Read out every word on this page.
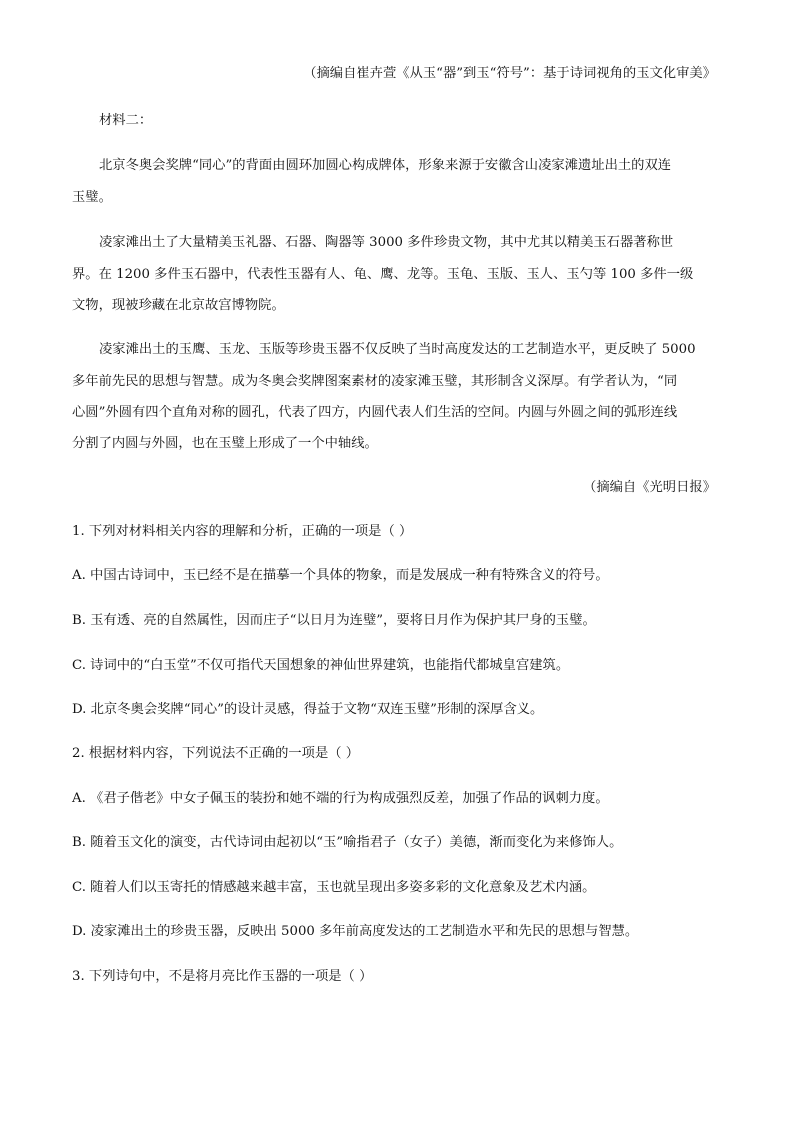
（摘编自崔卉萱《从玉“器”到玉“符号”：基于诗词视角的玉文化审美》
材料二：
北京冬奥会奖牌“同心”的背面由圆环加圆心构成牌体，形象来源于安徽含山凌家滩遗址出土的双连
玉璧。
凌家滩出土了大量精美玉礼器、石器、陶器等 3000 多件珍贵文物，其中尤其以精美玉石器著称世
界。在 1200 多件玉石器中，代表性玉器有人、龟、鹰、龙等。玉龟、玉版、玉人、玉勺等 100 多件一级
文物，现被珍藏在北京故宫博物院。
凌家滩出土的玉鹰、玉龙、玉版等珍贵玉器不仅反映了当时高度发达的工艺制造水平，更反映了 5000
多年前先民的思想与智慧。成为冬奥会奖牌图案素材的凌家滩玉璧，其形制含义深厚。有学者认为，“同
心圆”外圆有四个直角对称的圆孔，代表了四方，内圆代表人们生活的空间。内圆与外圆之间的弧形连线
分割了内圆与外圆，也在玉璧上形成了一个中轴线。
（摘编自《光明日报》
1. 下列对材料相关内容的理解和分析，正确的一项是（ ）
A. 中国古诗词中，玉已经不是在描摹一个具体的物象，而是发展成一种有特殊含义的符号。
B. 玉有透、亮的自然属性，因而庄子“以日月为连璧”，要将日月作为保护其尸身的玉璧。
C. 诗词中的“白玉堂”不仅可指代天国想象的神仙世界建筑，也能指代都城皇宫建筑。
D. 北京冬奥会奖牌“同心”的设计灵感，得益于文物“双连玉璧”形制的深厚含义。
2. 根据材料内容，下列说法不正确的一项是（ ）
A. 《君子偕老》中女子佩玉的装扮和她不端的行为构成强烈反差，加强了作品的讽刺力度。
B. 随着玉文化的演变，古代诗词由起初以“玉”喻指君子（女子）美德，渐而变化为来修饰人。
C. 随着人们以玉寄托的情感越来越丰富，玉也就呈现出多姿多彩的文化意象及艺术内涵。
D. 凌家滩出土的珍贵玉器，反映出 5000 多年前高度发达的工艺制造水平和先民的思想与智慧。
3. 下列诗句中，不是将月亮比作玉器的一项是（ ）
